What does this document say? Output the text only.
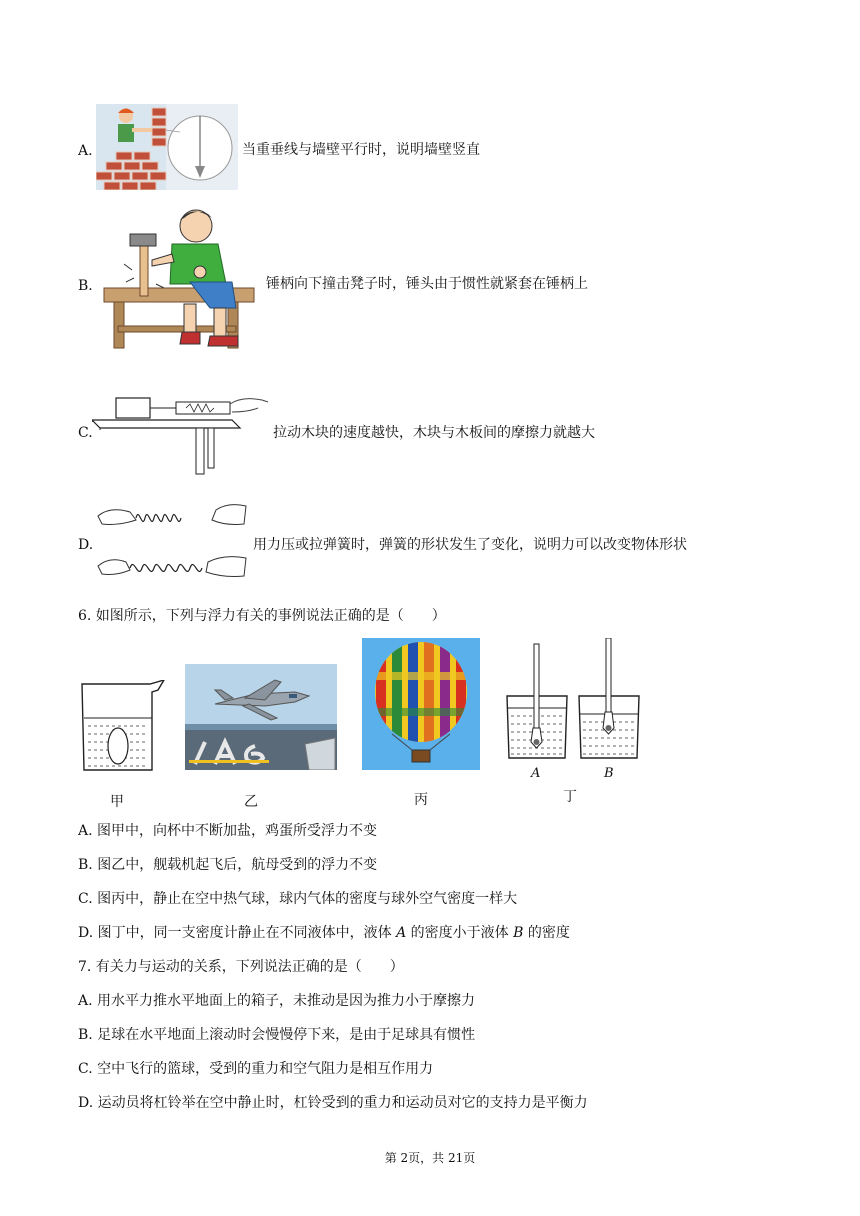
A.	当重垂线与墙壁平行时，说明墙壁竖直
B.	锤柄向下撞击凳子时，锤头由于惯性就紧套在锤柄上
C.	拉动木块的速度越快，木块与木板间的摩擦力就越大
D.	用力压或拉弹簧时，弹簧的形状发生了变化，说明力可以改变物体形状
6. 如图所示，下列与浮力有关的事例说法正确的是（　　）
A	B
甲	乙	丙	丁
A. 图甲中，向杯中不断加盐，鸡蛋所受浮力不变
B. 图乙中，舰载机起飞后，航母受到的浮力不变
C. 图丙中，静止在空中热气球，球内气体的密度与球外空气密度一样大
D. 图丁中，同一支密度计静止在不同液体中，液体 A 的密度小于液体 B 的密度
7. 有关力与运动的关系，下列说法正确的是（　　）
A. 用水平力推水平地面上的箱子，未推动是因为推力小于摩擦力
B. 足球在水平地面上滚动时会慢慢停下来，是由于足球具有惯性
C. 空中飞行的篮球，受到的重力和空气阻力是相互作用力
D. 运动员将杠铃举在空中静止时，杠铃受到的重力和运动员对它的支持力是平衡力
第 2页，共 21页
